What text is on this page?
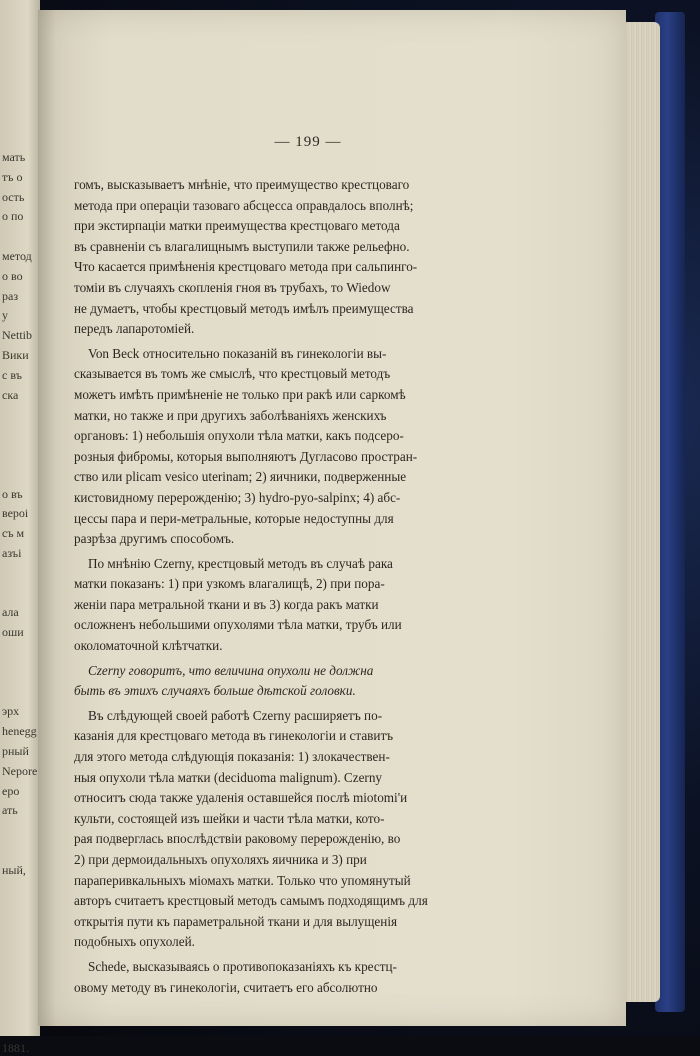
мать
тъ о
ость
о по
метод
о во
раз
у
Nettib
Вики
с въ
ска
о въ
вероі
съ м
азъі
ала
оши
эрх
henegg
рный
Nepore
еро
ать
ный,
1881.
— 199 —
гомъ, высказываетъ мнѣніе, что преимущество крестцоваго
метода при операціи тазоваго абсцесса оправдалось вполнѣ;
при экстирпаціи матки преимущества крестцоваго метода
въ сравненіи съ влагалищнымъ выступили также рельефно.
Что касается примѣненія крестцоваго метода при сальпинго-
томіи въ случаяхъ скопленія гноя въ трубахъ, то Wiedow
не думаетъ, чтобы крестцовый методъ имѣлъ преимущества
передъ лапаротоміей.
Von Beck относительно показаній въ гинекологіи вы-
сказывается въ томъ же смыслѣ, что крестцовый методъ
можетъ имѣть примѣненіе не только при ракѣ или саркомѣ
матки, но также и при другихъ заболѣваніяхъ женскихъ
органовъ: 1) небольшія опухоли тѣла матки, какъ подсеро-
розныя фибромы, которыя выполняютъ Дугласово простран-
ство или plicam vesico uterinam; 2) яичники, подверженные
кистовидному перерожденію; 3) hydro-pyo-salpinx; 4) абс-
цессы пара и пери-метральные, которые недоступны для
разрѣза другимъ способомъ.
По мнѣнію Czerny, крестцовый методъ въ случаѣ рака
матки показанъ: 1) при узкомъ влагалищѣ, 2) при пора-
женіи пара метральной ткани и въ 3) когда ракъ матки
осложненъ небольшими опухолями тѣла матки, трубъ или
околоматочной клѣтчатки.
Czerny говоритъ, что величина опухоли не должна
быть въ этихъ случаяхъ больше дѣтской головки.
Въ слѣдующей своей работѣ Czerny расширяетъ по-
казанія для крестцоваго метода въ гинекологіи и ставитъ
для этого метода слѣдующія показанія: 1) злокачествен-
ныя опухоли тѣла матки (deciduoma malignum). Czerny
относитъ сюда также удаленія оставшейся послѣ miotomi'и
культи, состоящей изъ шейки и части тѣла матки, кото-
рая подверглась впослѣдствіи раковому перерожденію, во
2) при дермоидальныхъ опухоляхъ яичника и 3) при
параперивкальныхъ міомахъ матки. Только что упомянутый
авторъ считаетъ крестцовый методъ самымъ подходящимъ для
открытія пути къ параметральной ткани и для вылущенія
подобныхъ опухолей.
Schede, высказываясь о противопоказаніяхъ къ крестц-
овому методу въ гинекологіи, считаетъ его абсолютно
